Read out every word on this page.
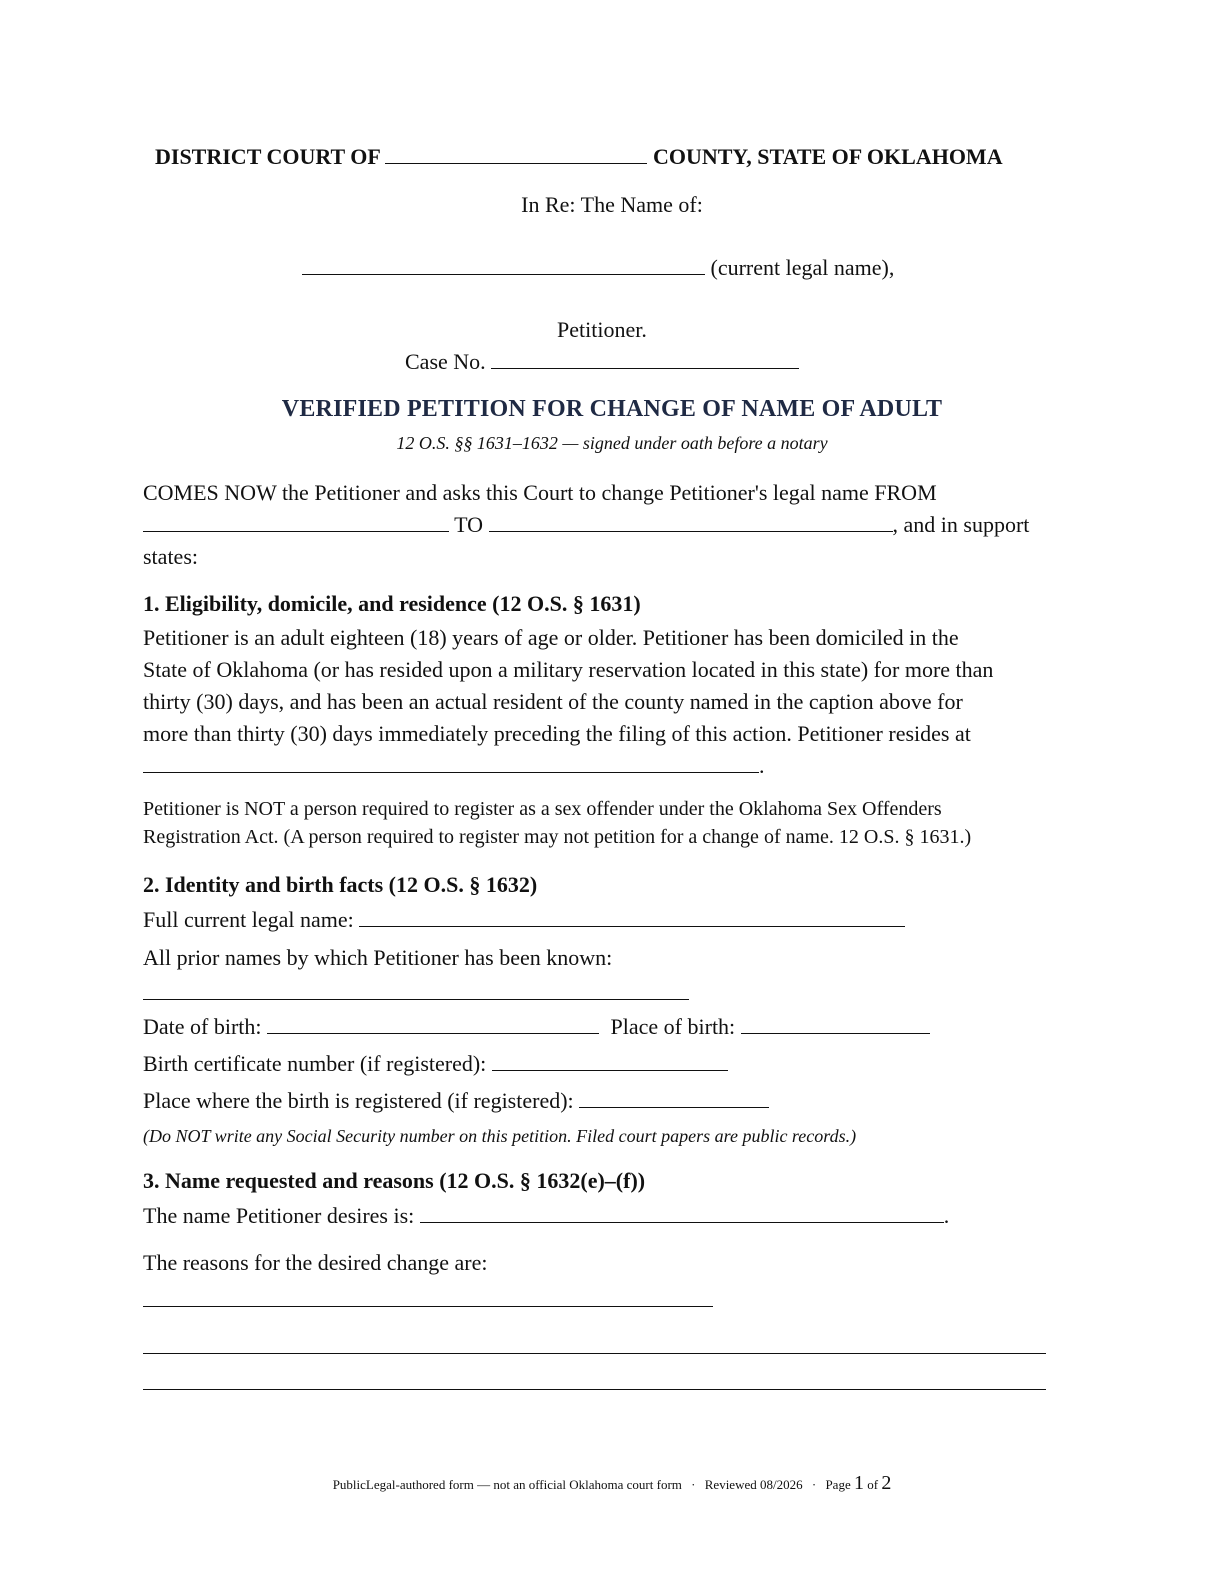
DISTRICT COURT OF	COUNTY, STATE OF OKLAHOMA
In Re: The Name of:
(current legal name),
Petitioner.
Case No.
VERIFIED PETITION FOR CHANGE OF NAME OF ADULT
12 O.S. §§ 1631–1632 — signed under oath before a notary
COMES NOW the Petitioner and asks this Court to change Petitioner's legal name FROM
TO	, and in support
states:
1. Eligibility, domicile, and residence (12 O.S. § 1631)
Petitioner is an adult eighteen (18) years of age or older. Petitioner has been domiciled in the
State of Oklahoma (or has resided upon a military reservation located in this state) for more than
thirty (30) days, and has been an actual resident of the county named in the caption above for
more than thirty (30) days immediately preceding the filing of this action. Petitioner resides at
.
Petitioner is NOT a person required to register as a sex offender under the Oklahoma Sex Offenders
Registration Act. (A person required to register may not petition for a change of name. 12 O.S. § 1631.)
2. Identity and birth facts (12 O.S. § 1632)
Full current legal name:
All prior names by which Petitioner has been known:
Date of birth:	Place of birth:
Birth certificate number (if registered):
Place where the birth is registered (if registered):
(Do NOT write any Social Security number on this petition. Filed court papers are public records.)
3. Name requested and reasons (12 O.S. § 1632(e)–(f))
The name Petitioner desires is:	.
The reasons for the desired change are:
PublicLegal-authored form — not an official Oklahoma court form · Reviewed 08/2026 · Page 1 of 2
